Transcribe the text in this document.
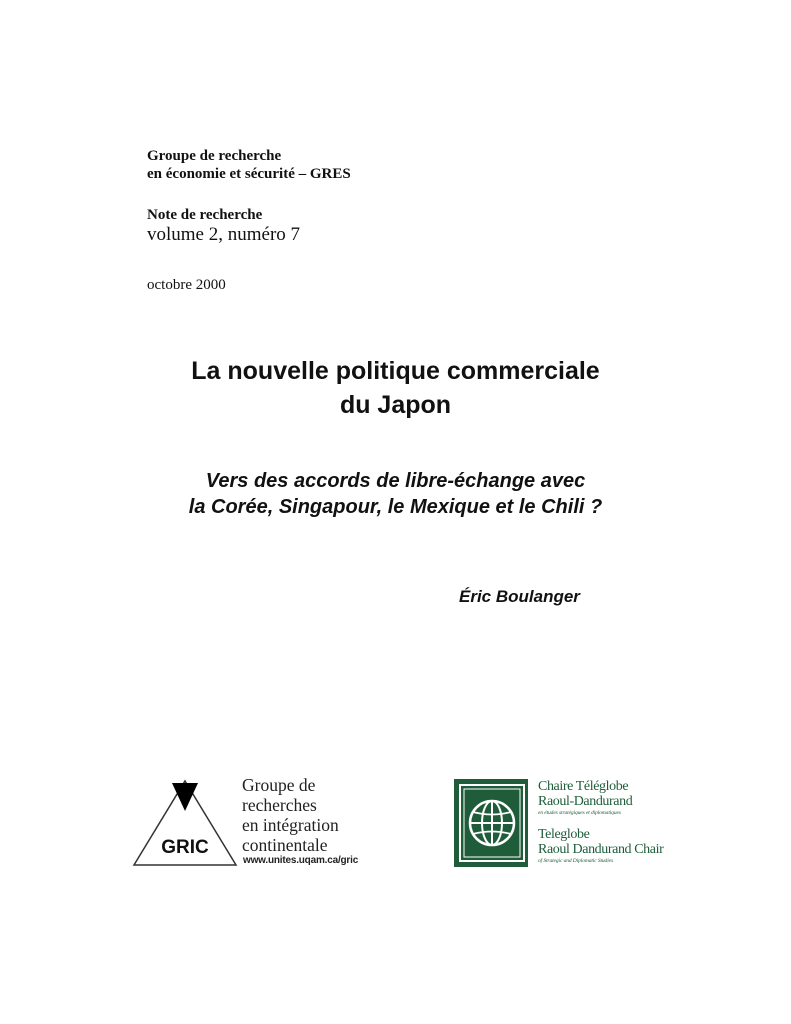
Groupe de recherche
en économie et sécurité – GRES
Note de recherche
volume 2, numéro 7
octobre 2000
La nouvelle politique commerciale
du Japon
Vers des accords de libre-échange avec
la Corée, Singapour, le Mexique et le Chili ?
Éric Boulanger
GRIC
Groupe de
recherches
en intégration
continentale
www.unites.uqam.ca/gric
Chaire Téléglobe
Raoul-Dandurand
en études stratégiques et diplomatiques
Teleglobe
Raoul Dandurand Chair
of Strategic and Diplomatic Studies
